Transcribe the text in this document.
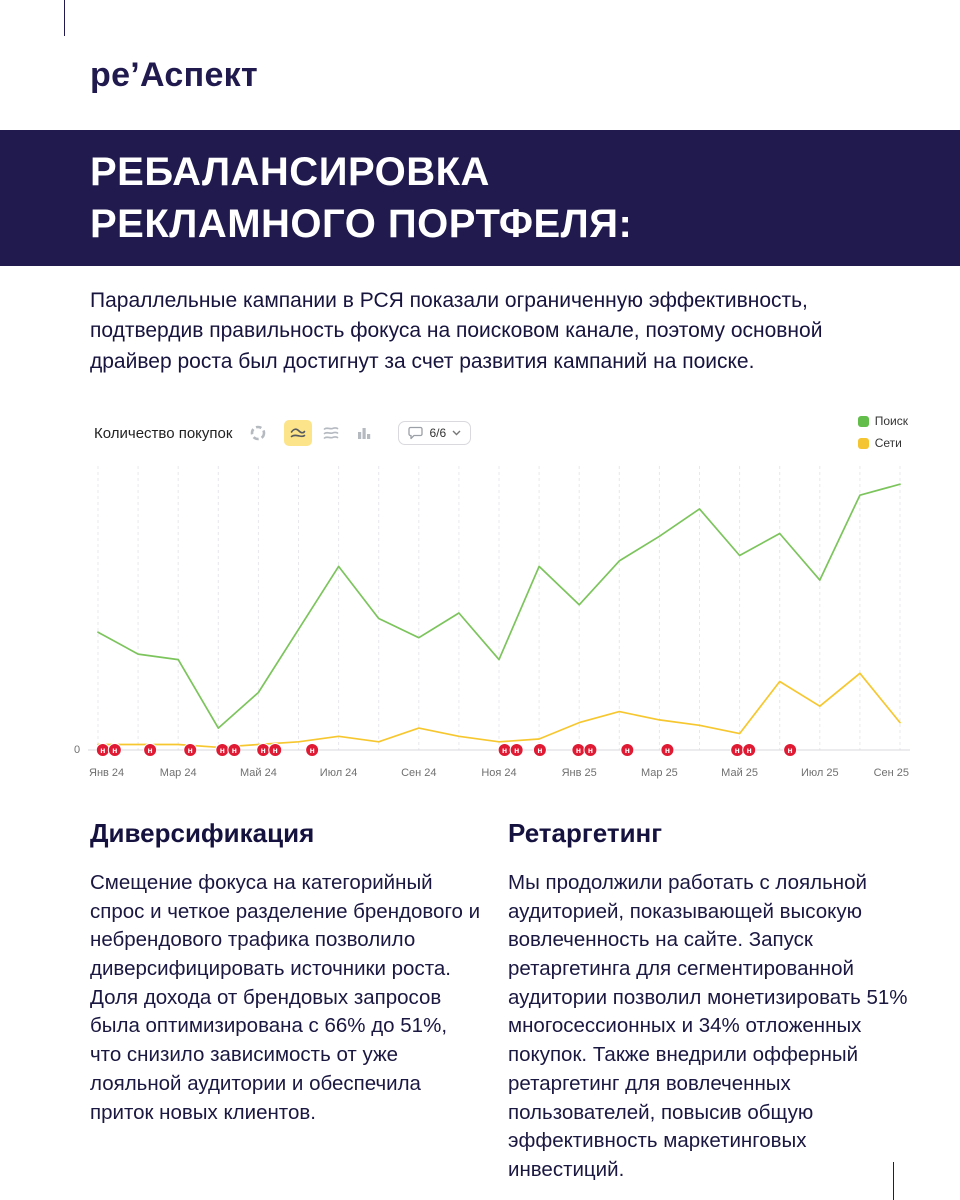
ре’Аспект
РЕБАЛАНСИРОВКА
РЕКЛАМНОГО ПОРТФЕЛЯ:

Параллельные кампании в РСЯ показали ограниченную эффективность, подтвердив правильность фокуса на поисковом канале, поэтому основной драйвер роста был достигнут за счет развития кампаний на поиске.

Количество покупок	6/6
Поиск
Сети
0
Янв 24	Мар 24	Май 24	Июл 24	Сен 24	Ноя 24	Янв 25	Мар 25	Май 25	Июл 25	Сен 25
н н	н	н	н н	н н	н	н н н	н н	н	н	н н	н
Диверсификация

Смещение фокуса на категорийный спрос и четкое разделение брендового и небрендового трафика позволило диверсифицировать источники роста. Доля дохода от брендовых запросов была оптимизирована с 66% до 51%, что снизило зависимость от уже лояльной аудитории и обеспечила приток новых клиентов.

Ретаргетинг

Мы продолжили работать с лояльной аудиторией, показывающей высокую вовлеченность на сайте. Запуск ретаргетинга для сегментированной аудитории позволил монетизировать 51% многосессионных и 34% отложенных покупок. Также внедрили офферный ретаргетинг для вовлеченных пользователей, повысив общую эффективность маркетинговых инвестиций.
